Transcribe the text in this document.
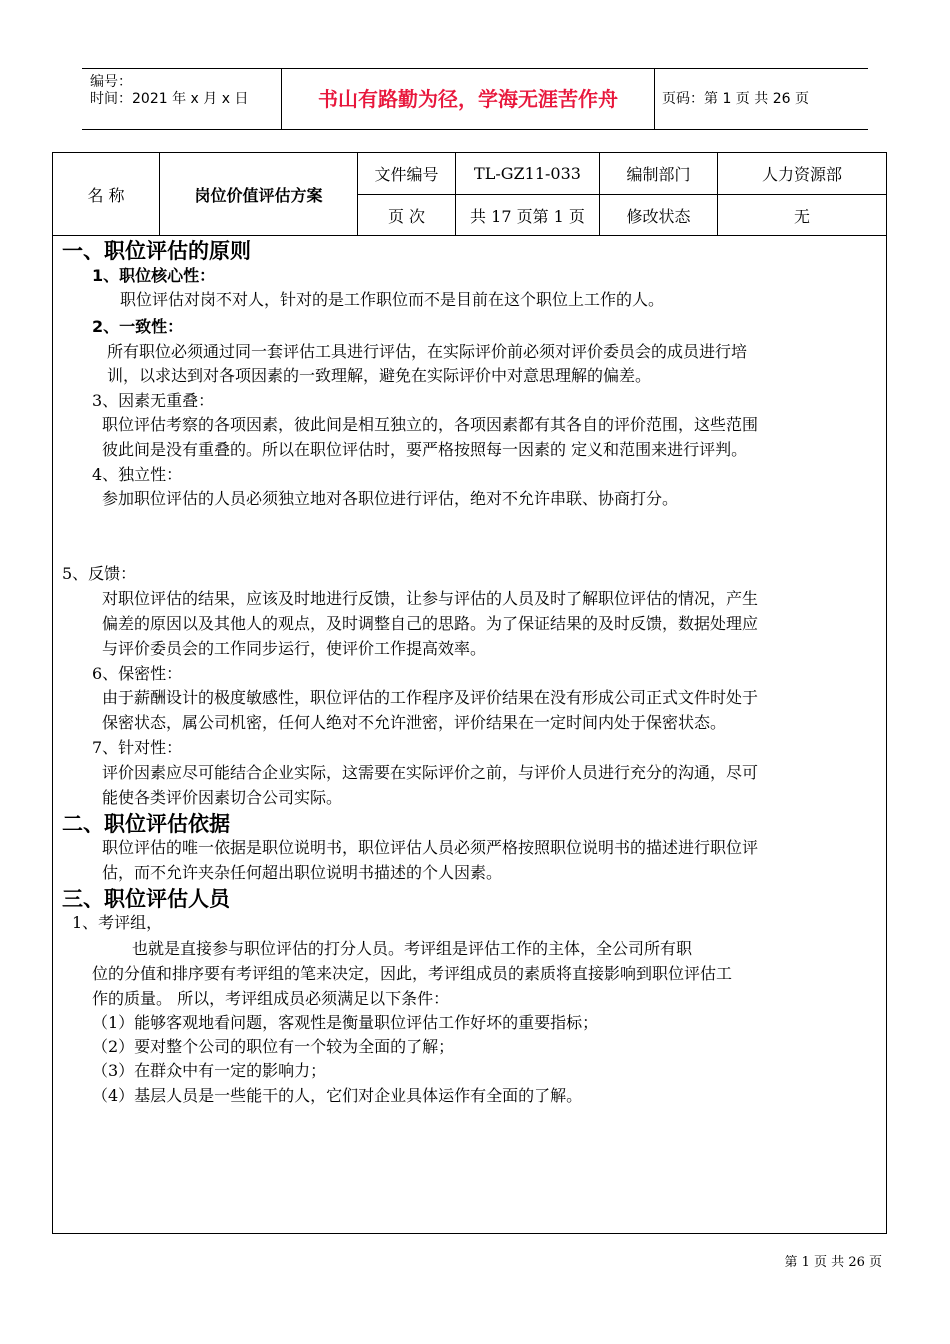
编号：
时间：2021 年 x 月 x 日	书山有路勤为径，学海无涯苦作舟	页码：第 1 页 共 26 页
名 称	岗位价值评估方案
文件编号	TL-GZ11-033	编制部门	人力资源部
页 次	共 17 页第 1 页	修改状态	无
一、职位评估的原则
1、职位核心性：
职位评估对岗不对人，针对的是工作职位而不是目前在这个职位上工作的人。
2、一致性：
所有职位必须通过同一套评估工具进行评估，在实际评价前必须对评价委员会的成员进行培
训，以求达到对各项因素的一致理解，避免在实际评价中对意思理解的偏差。
3、因素无重叠：
职位评估考察的各项因素，彼此间是相互独立的，各项因素都有其各自的评价范围，这些范围
彼此间是没有重叠的。所以在职位评估时，要严格按照每一因素的 定义和范围来进行评判。
4、独立性：
参加职位评估的人员必须独立地对各职位进行评估，绝对不允许串联、协商打分。
5、反馈：
对职位评估的结果，应该及时地进行反馈，让参与评估的人员及时了解职位评估的情况，产生
偏差的原因以及其他人的观点，及时调整自己的思路。为了保证结果的及时反馈，数据处理应
与评价委员会的工作同步运行，使评价工作提高效率。
6、保密性：
由于薪酬设计的极度敏感性，职位评估的工作程序及评价结果在没有形成公司正式文件时处于
保密状态，属公司机密，任何人绝对不允许泄密，评价结果在一定时间内处于保密状态。
7、针对性：
评价因素应尽可能结合企业实际，这需要在实际评价之前，与评价人员进行充分的沟通，尽可
能使各类评价因素切合公司实际。
二、职位评估依据
职位评估的唯一依据是职位说明书，职位评估人员必须严格按照职位说明书的描述进行职位评
估，而不允许夹杂任何超出职位说明书描述的个人因素。
三、职位评估人员
1、考评组，
也就是直接参与职位评估的打分人员。考评组是评估工作的主体，全公司所有职
位的分值和排序要有考评组的笔来决定，因此，考评组成员的素质将直接影响到职位评估工
作的质量。 所以，考评组成员必须满足以下条件：
（1）能够客观地看问题，客观性是衡量职位评估工作好坏的重要指标；
（2）要对整个公司的职位有一个较为全面的了解；
（3）在群众中有一定的影响力；
（4）基层人员是一些能干的人，它们对企业具体运作有全面的了解。
第 1 页 共 26 页
